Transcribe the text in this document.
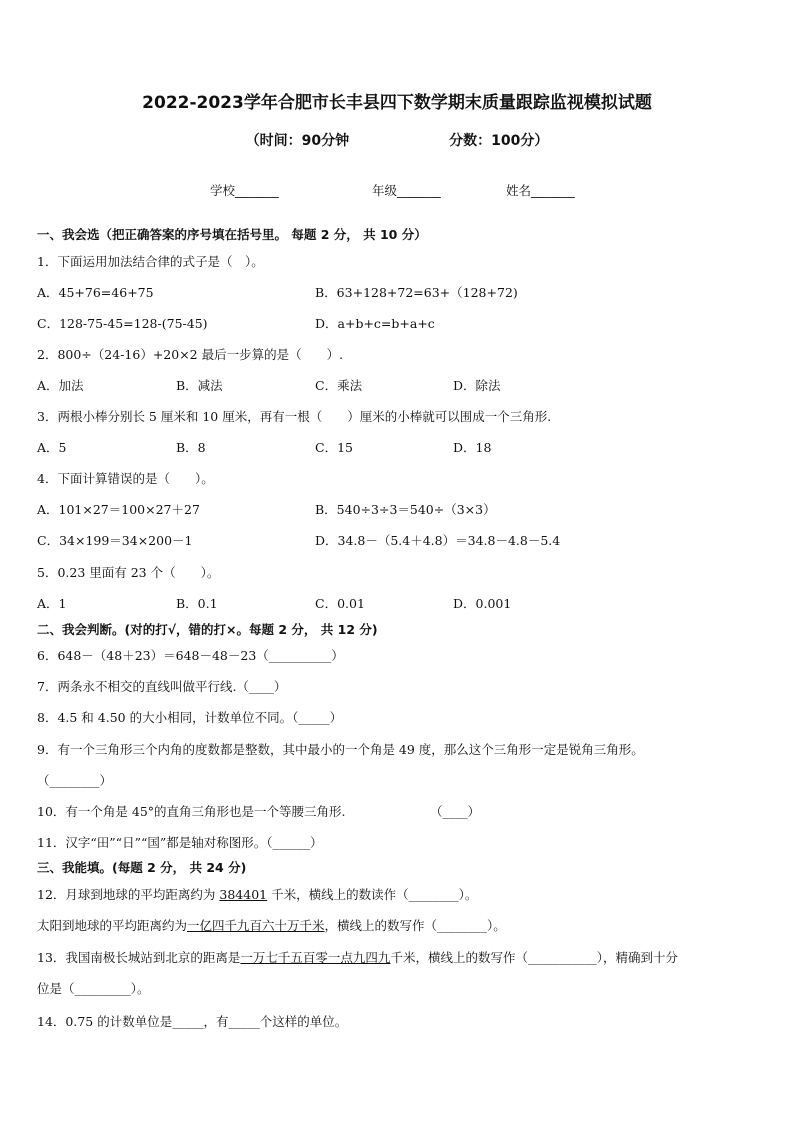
2022-2023学年合肥市长丰县四下数学期末质量跟踪监视模拟试题
（时间：90分钟	分数：100分）
学校_______	年级_______	姓名_______
一、我会选（把正确答案的序号填在括号里。 每题 2 分， 共 10 分）
1．下面运用加法结合律的式子是（　）。
A．45+76=46+75	B．63+128+72=63+（128+72)
C．128-75-45=128-(75-45)	D．a+b+c=b+a+c
2．800÷（24-16）+20×2 最后一步算的是（　　）.
A．加法	B．减法	C．乘法	D．除法
3．两根小棒分别长 5 厘米和 10 厘米，再有一根（　　）厘米的小棒就可以围成一个三角形.
A．5	B．8	C．15	D．18
4．下面计算错误的是（　　）。
A．101×27＝100×27＋27	B．540÷3÷3＝540÷（3×3）
C．34×199＝34×200－1	D．34.8－（5.4＋4.8）＝34.8－4.8－5.4
5．0.23 里面有 23 个（　　）。
A．1	B．0.1	C．0.01	D．0.001
二、我会判断。(对的打√，错的打×。每题 2 分， 共 12 分)
6．648－（48＋23）＝648－48－23（__________）
7．两条永不相交的直线叫做平行线.（____）
8．4.5 和 4.50 的大小相同，计数单位不同。（_____）
9．有一个三角形三个内角的度数都是整数，其中最小的一个角是 49 度，那么这个三角形一定是锐角三角形。
（________）
10．有一个角是 45°的直角三角形也是一个等腰三角形.	（____）
11．汉字“田”“日”“国”都是轴对称图形。（______）
三、我能填。(每题 2 分， 共 24 分)
12．月球到地球的平均距离约为 384401 千米，横线上的数读作（________）。
太阳到地球的平均距离约为一亿四千九百六十万千米，横线上的数写作（________）。
13．我国南极长城站到北京的距离是一万七千五百零一点九四九千米，横线上的数写作（___________），精确到十分
位是（_________）。
14．0.75 的计数单位是_____，有_____个这样的单位。
